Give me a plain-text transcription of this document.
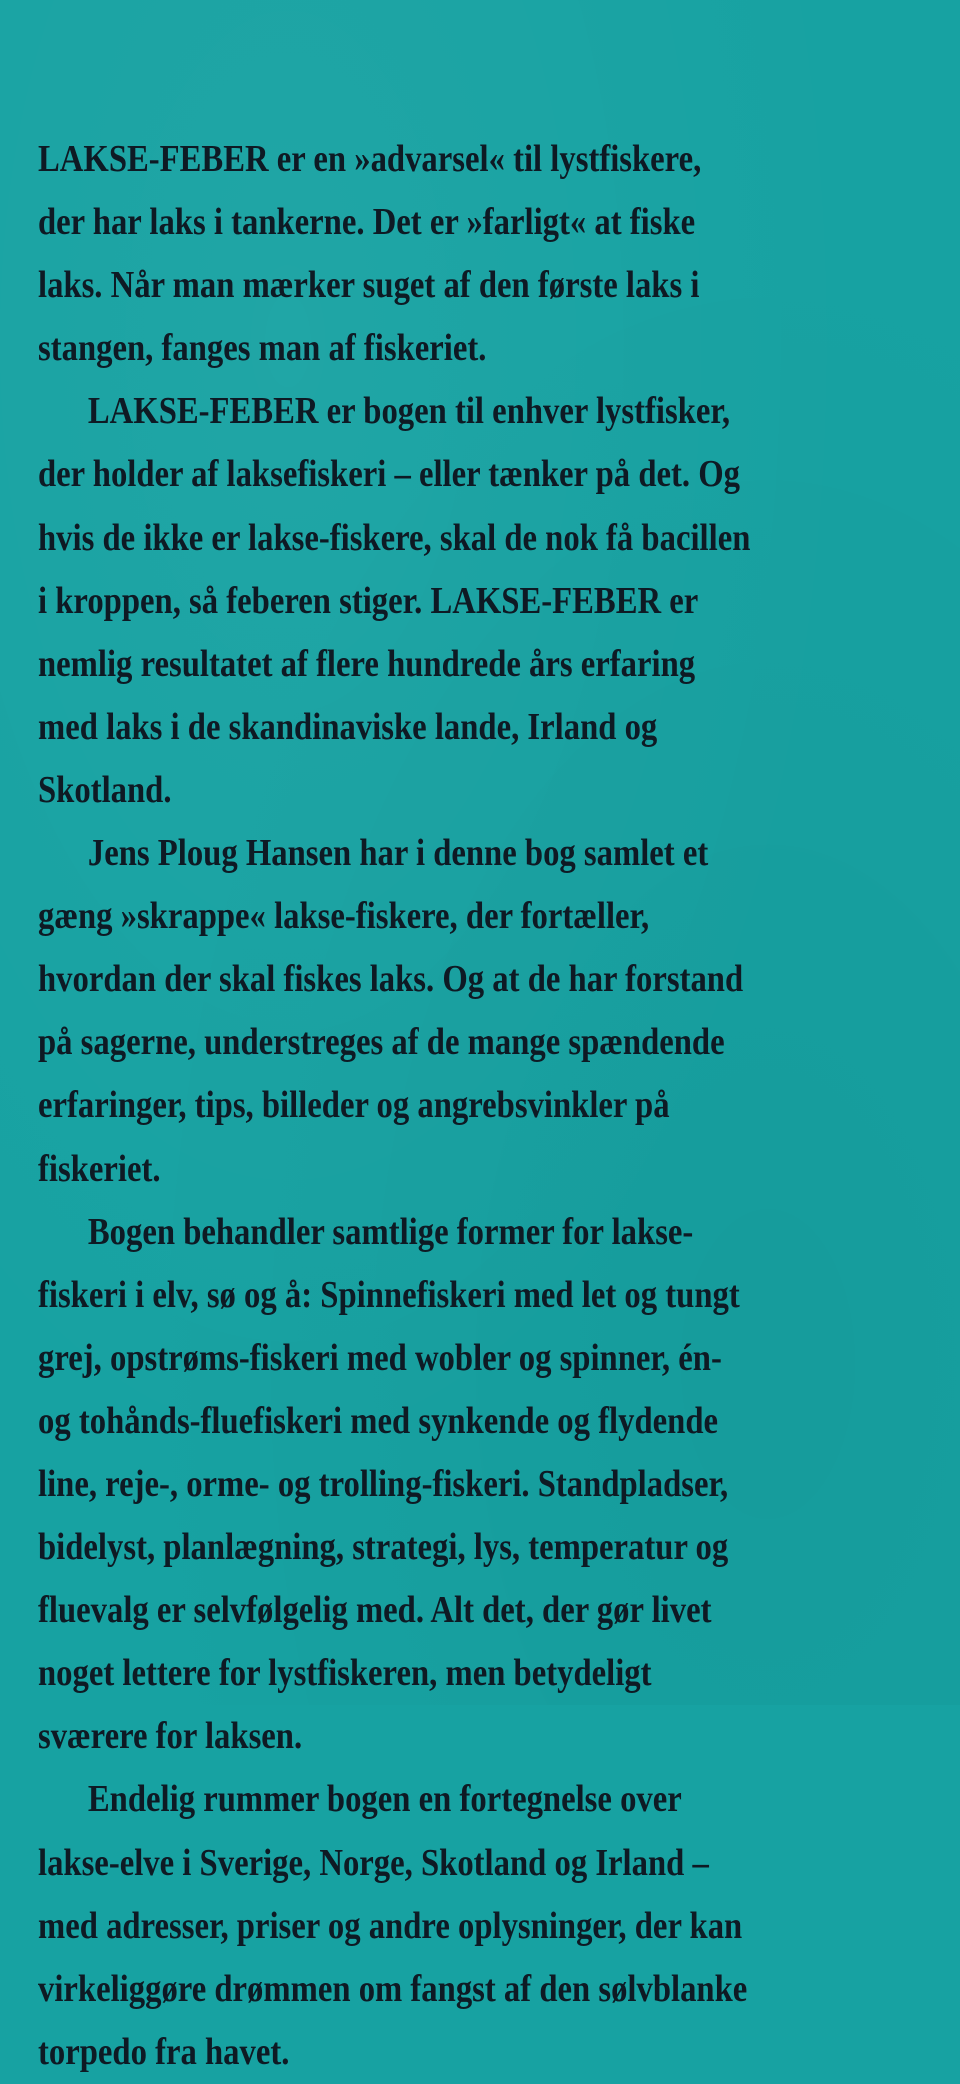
LAKSE-FEBER er en »advarsel« til lystfiskere,
der har laks i tankerne. Det er »farligt« at fiske
laks. Når man mærker suget af den første laks i
stangen, fanges man af fiskeriet.
LAKSE-FEBER er bogen til enhver lystfisker,
der holder af laksefiskeri – eller tænker på det. Og
hvis de ikke er lakse-fiskere, skal de nok få bacillen
i kroppen, så feberen stiger. LAKSE-FEBER er
nemlig resultatet af flere hundrede års erfaring
med laks i de skandinaviske lande, Irland og
Skotland.
Jens Ploug Hansen har i denne bog samlet et
gæng »skrappe« lakse-fiskere, der fortæller,
hvordan der skal fiskes laks. Og at de har forstand
på sagerne, understreges af de mange spændende
erfaringer, tips, billeder og angrebsvinkler på
fiskeriet.
Bogen behandler samtlige former for lakse-
fiskeri i elv, sø og å: Spinnefiskeri med let og tungt
grej, opstrøms-fiskeri med wobler og spinner, én-
og tohånds-fluefiskeri med synkende og flydende
line, reje-, orme- og trolling-fiskeri. Standpladser,
bidelyst, planlægning, strategi, lys, temperatur og
fluevalg er selvfølgelig med. Alt det, der gør livet
noget lettere for lystfiskeren, men betydeligt
sværere for laksen.
Endelig rummer bogen en fortegnelse over
lakse-elve i Sverige, Norge, Skotland og Irland –
med adresser, priser og andre oplysninger, der kan
virkeliggøre drømmen om fangst af den sølvblanke
torpedo fra havet.
